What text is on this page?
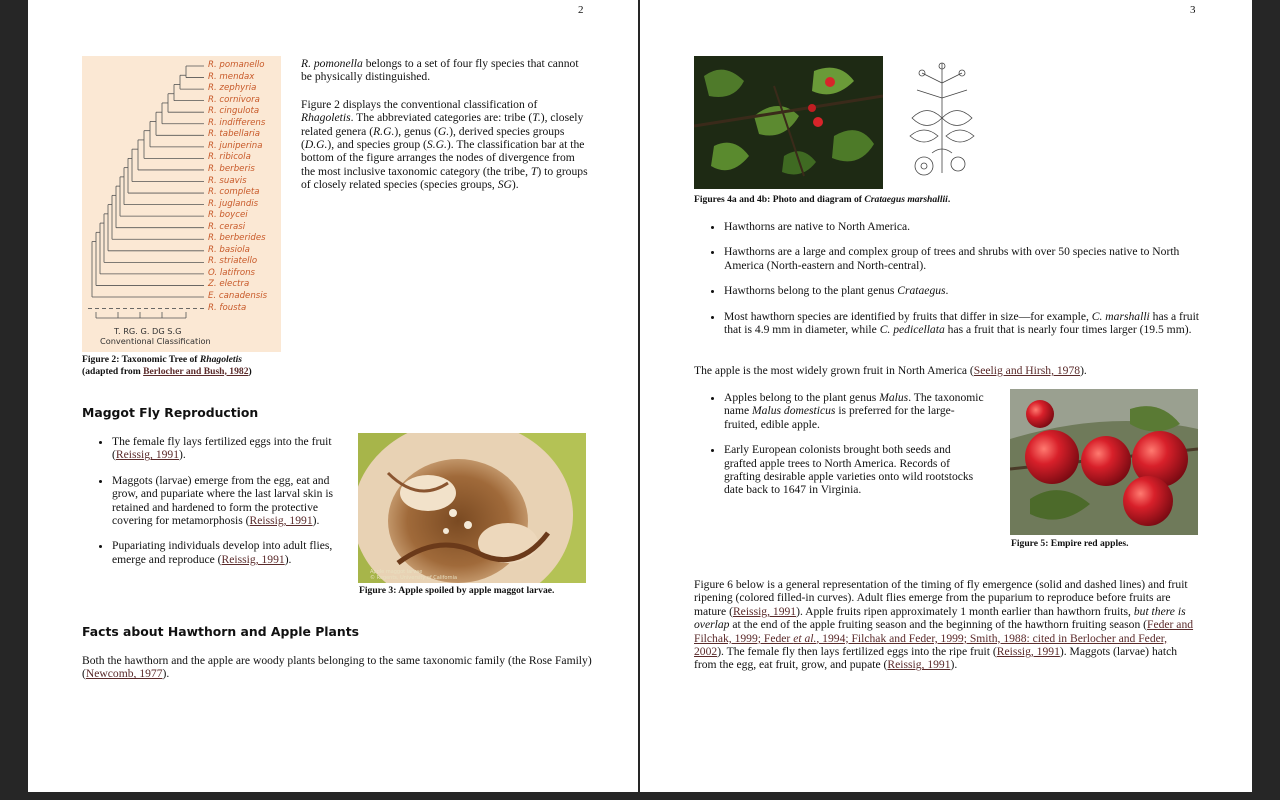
2
R. pomanello
R. mendax
R. zephyria
R. cornivora
R. cingulota
R. indifferens
R. tabellaria
R. juniperina
R. ribicola
R. berberis
R. suavis
R. completa
R. juglandis
R. boycei
R. cerasi
R. berberides
R. basiola
R. striatello
O. latifrons
Z. electra
E. canadensis
R. fousta
T. RG. G. DG S.G
Conventional Classification
Figure 2: Taxonomic Tree of Rhagoletis
(adapted from Berlocher and Bush, 1982)

R. pomonella belongs to a set of four fly species that cannot be physically distinguished.

Figure 2 displays the conventional classification of Rhagoletis. The abbreviated categories are: tribe (T.), closely related genera (R.G.), genus (G.), derived species groups (D.G.), and species group (S.G.). The classification bar at the bottom of the figure arranges the nodes of divergence from the most inclusive taxonomic category (the tribe, T) to groups of closely related species (species groups, SG).

Maggot Fly Reproduction
• The female fly lays fertilized eggs into the fruit (Reissig, 1991).
• Maggots (larvae) emerge from the egg, eat and grow, and pupariate where the last larval skin is retained and hardened to form the protective covering for metamorphosis (Reissig, 1991).
• Pupariating individuals develop into adult flies, emerge and reproduce (Reissig, 1991).
Apple maggot larvae
© Regents, University of California
Figure 3: Apple spoiled by apple maggot larvae.
Facts about Hawthorn and Apple Plants
Both the hawthorn and the apple are woody plants belonging to the same taxonomic family (the Rose Family) (Newcomb, 1977).
3
Figures 4a and 4b: Photo and diagram of Crataegus marshallii.
• Hawthorns are native to North America.
• Hawthorns are a large and complex group of trees and shrubs with over 50 species native to North America (North-eastern and North-central).
• Hawthorns belong to the plant genus Crataegus.
• Most hawthorn species are identified by fruits that differ in size—for example, C. marshalli has a fruit that is 4.9 mm in diameter, while C. pedicellata has a fruit that is nearly four times larger (19.5 mm).
The apple is the most widely grown fruit in North America (Seelig and Hirsh, 1978).
• Apples belong to the plant genus Malus. The taxonomic name Malus domesticus is preferred for the large-fruited, edible apple.
• Early European colonists brought both seeds and grafted apple trees to North America. Records of grafting desirable apple varieties onto wild rootstocks date back to 1647 in Virginia.
Figure 5: Empire red apples.
Figure 6 below is a general representation of the timing of fly emergence (solid and dashed lines) and fruit ripening (colored filled-in curves). Adult flies emerge from the puparium to reproduce before fruits are mature (Reissig, 1991). Apple fruits ripen approximately 1 month earlier than hawthorn fruits, but there is overlap at the end of the apple fruiting season and the beginning of the hawthorn fruiting season (Feder and Filchak, 1999; Feder et al., 1994; Filchak and Feder, 1999; Smith, 1988: cited in Berlocher and Feder, 2002). The female fly then lays fertilized eggs into the ripe fruit (Reissig, 1991). Maggots (larvae) hatch from the egg, eat fruit, grow, and pupate (Reissig, 1991).
